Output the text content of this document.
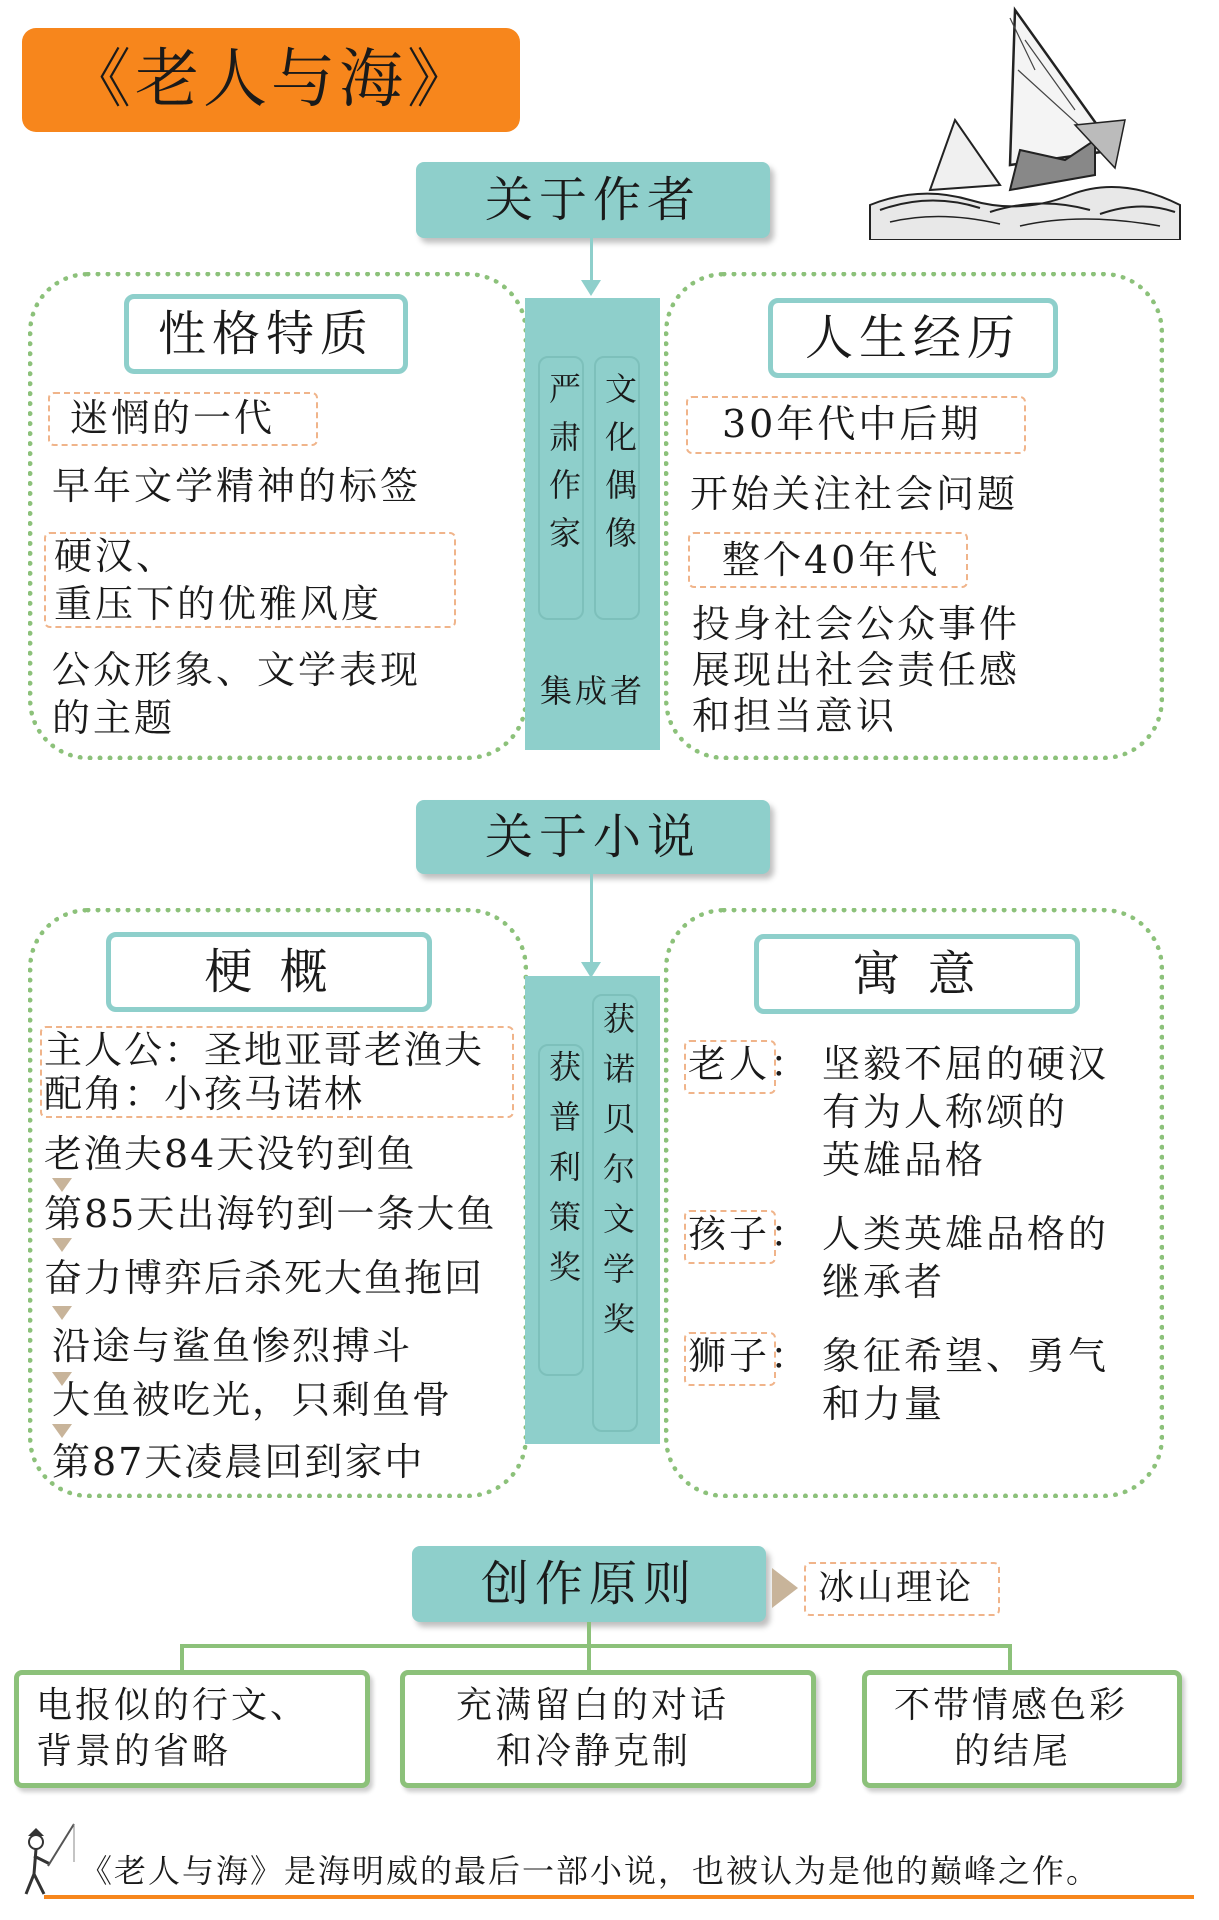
《老人与海》
关于作者
性格特质
迷惘的一代
早年文学精神的标签
硬汉、
重压下的优雅风度
公众形象、文学表现
的主题
严肃作家 文化偶像
集成者
人生经历
30年代中后期
开始关注社会问题
整个40年代
投身社会公众事件
展现出社会责任感
和担当意识
关于小说
梗 概
主人公：圣地亚哥老渔夫
配角：小孩马诺林
老渔夫84天没钓到鱼
第85天出海钓到一条大鱼
奋力博弈后杀死大鱼拖回
沿途与鲨鱼惨烈搏斗
大鱼被吃光，只剩鱼骨
第87天凌晨回到家中
获普利策奖 获诺贝尔文学奖
寓 意
老人： 坚毅不屈的硬汉
有为人称颂的
英雄品格
孩子： 人类英雄品格的
继承者
狮子： 象征希望、勇气
和力量
创作原则	冰山理论
电报似的行文、
背景的省略
充满留白的对话
和冷静克制
不带情感色彩
的结尾
《老人与海》是海明威的最后一部小说，也被认为是他的巅峰之作。
